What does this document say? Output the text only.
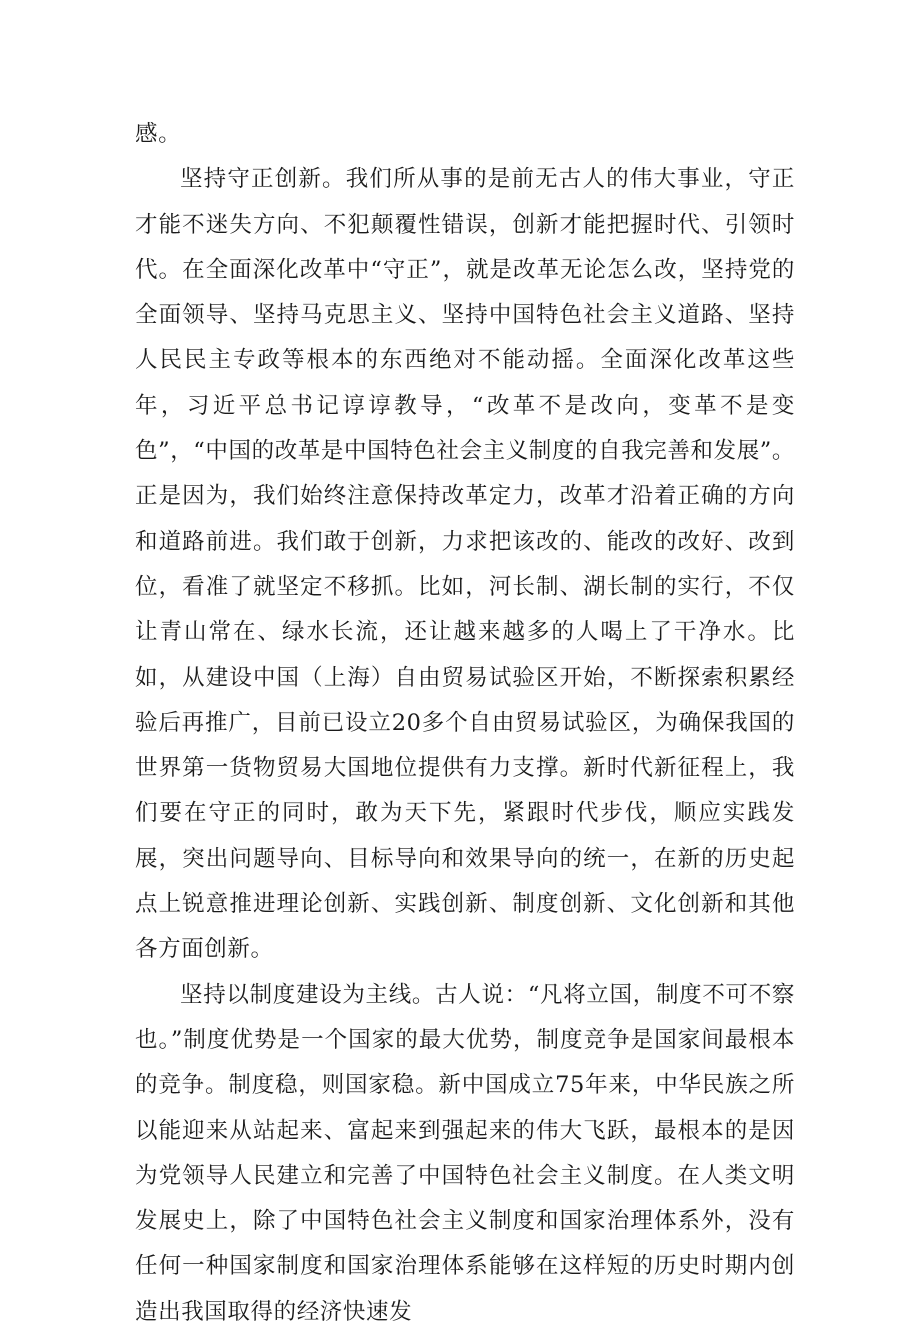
感。

坚持守正创新。我们所从事的是前无古人的伟大事业，守正才能不迷失方向、不犯颠覆性错误，创新才能把握时代、引领时代。在全面深化改革中“守正”，就是改革无论怎么改，坚持党的全面领导、坚持马克思主义、坚持中国特色社会主义道路、坚持人民民主专政等根本的东西绝对不能动摇。全面深化改革这些年，习近平总书记谆谆教导，“改革不是改向，变革不是变色”，“中国的改革是中国特色社会主义制度的自我完善和发展”。正是因为，我们始终注意保持改革定力，改革才沿着正确的方向和道路前进。我们敢于创新，力求把该改的、能改的改好、改到位，看准了就坚定不移抓。比如，河长制、湖长制的实行，不仅让青山常在、绿水长流，还让越来越多的人喝上了干净水。比如，从建设中国（上海）自由贸易试验区开始，不断探索积累经验后再推广，目前已设立20多个自由贸易试验区，为确保我国的世界第一货物贸易大国地位提供有力支撑。新时代新征程上，我们要在守正的同时，敢为天下先，紧跟时代步伐，顺应实践发展，突出问题导向、目标导向和效果导向的统一，在新的历史起点上锐意推进理论创新、实践创新、制度创新、文化创新和其他各方面创新。

坚持以制度建设为主线。古人说：“凡将立国，制度不可不察也。”制度优势是一个国家的最大优势，制度竞争是国家间最根本的竞争。制度稳，则国家稳。新中国成立75年来，中华民族之所以能迎来从站起来、富起来到强起来的伟大飞跃，最根本的是因为党领导人民建立和完善了中国特色社会主义制度。在人类文明发展史上，除了中国特色社会主义制度和国家治理体系外，没有任何一种国家制度和国家治理体系能够在这样短的历史时期内创造出我国取得的经济快速发
